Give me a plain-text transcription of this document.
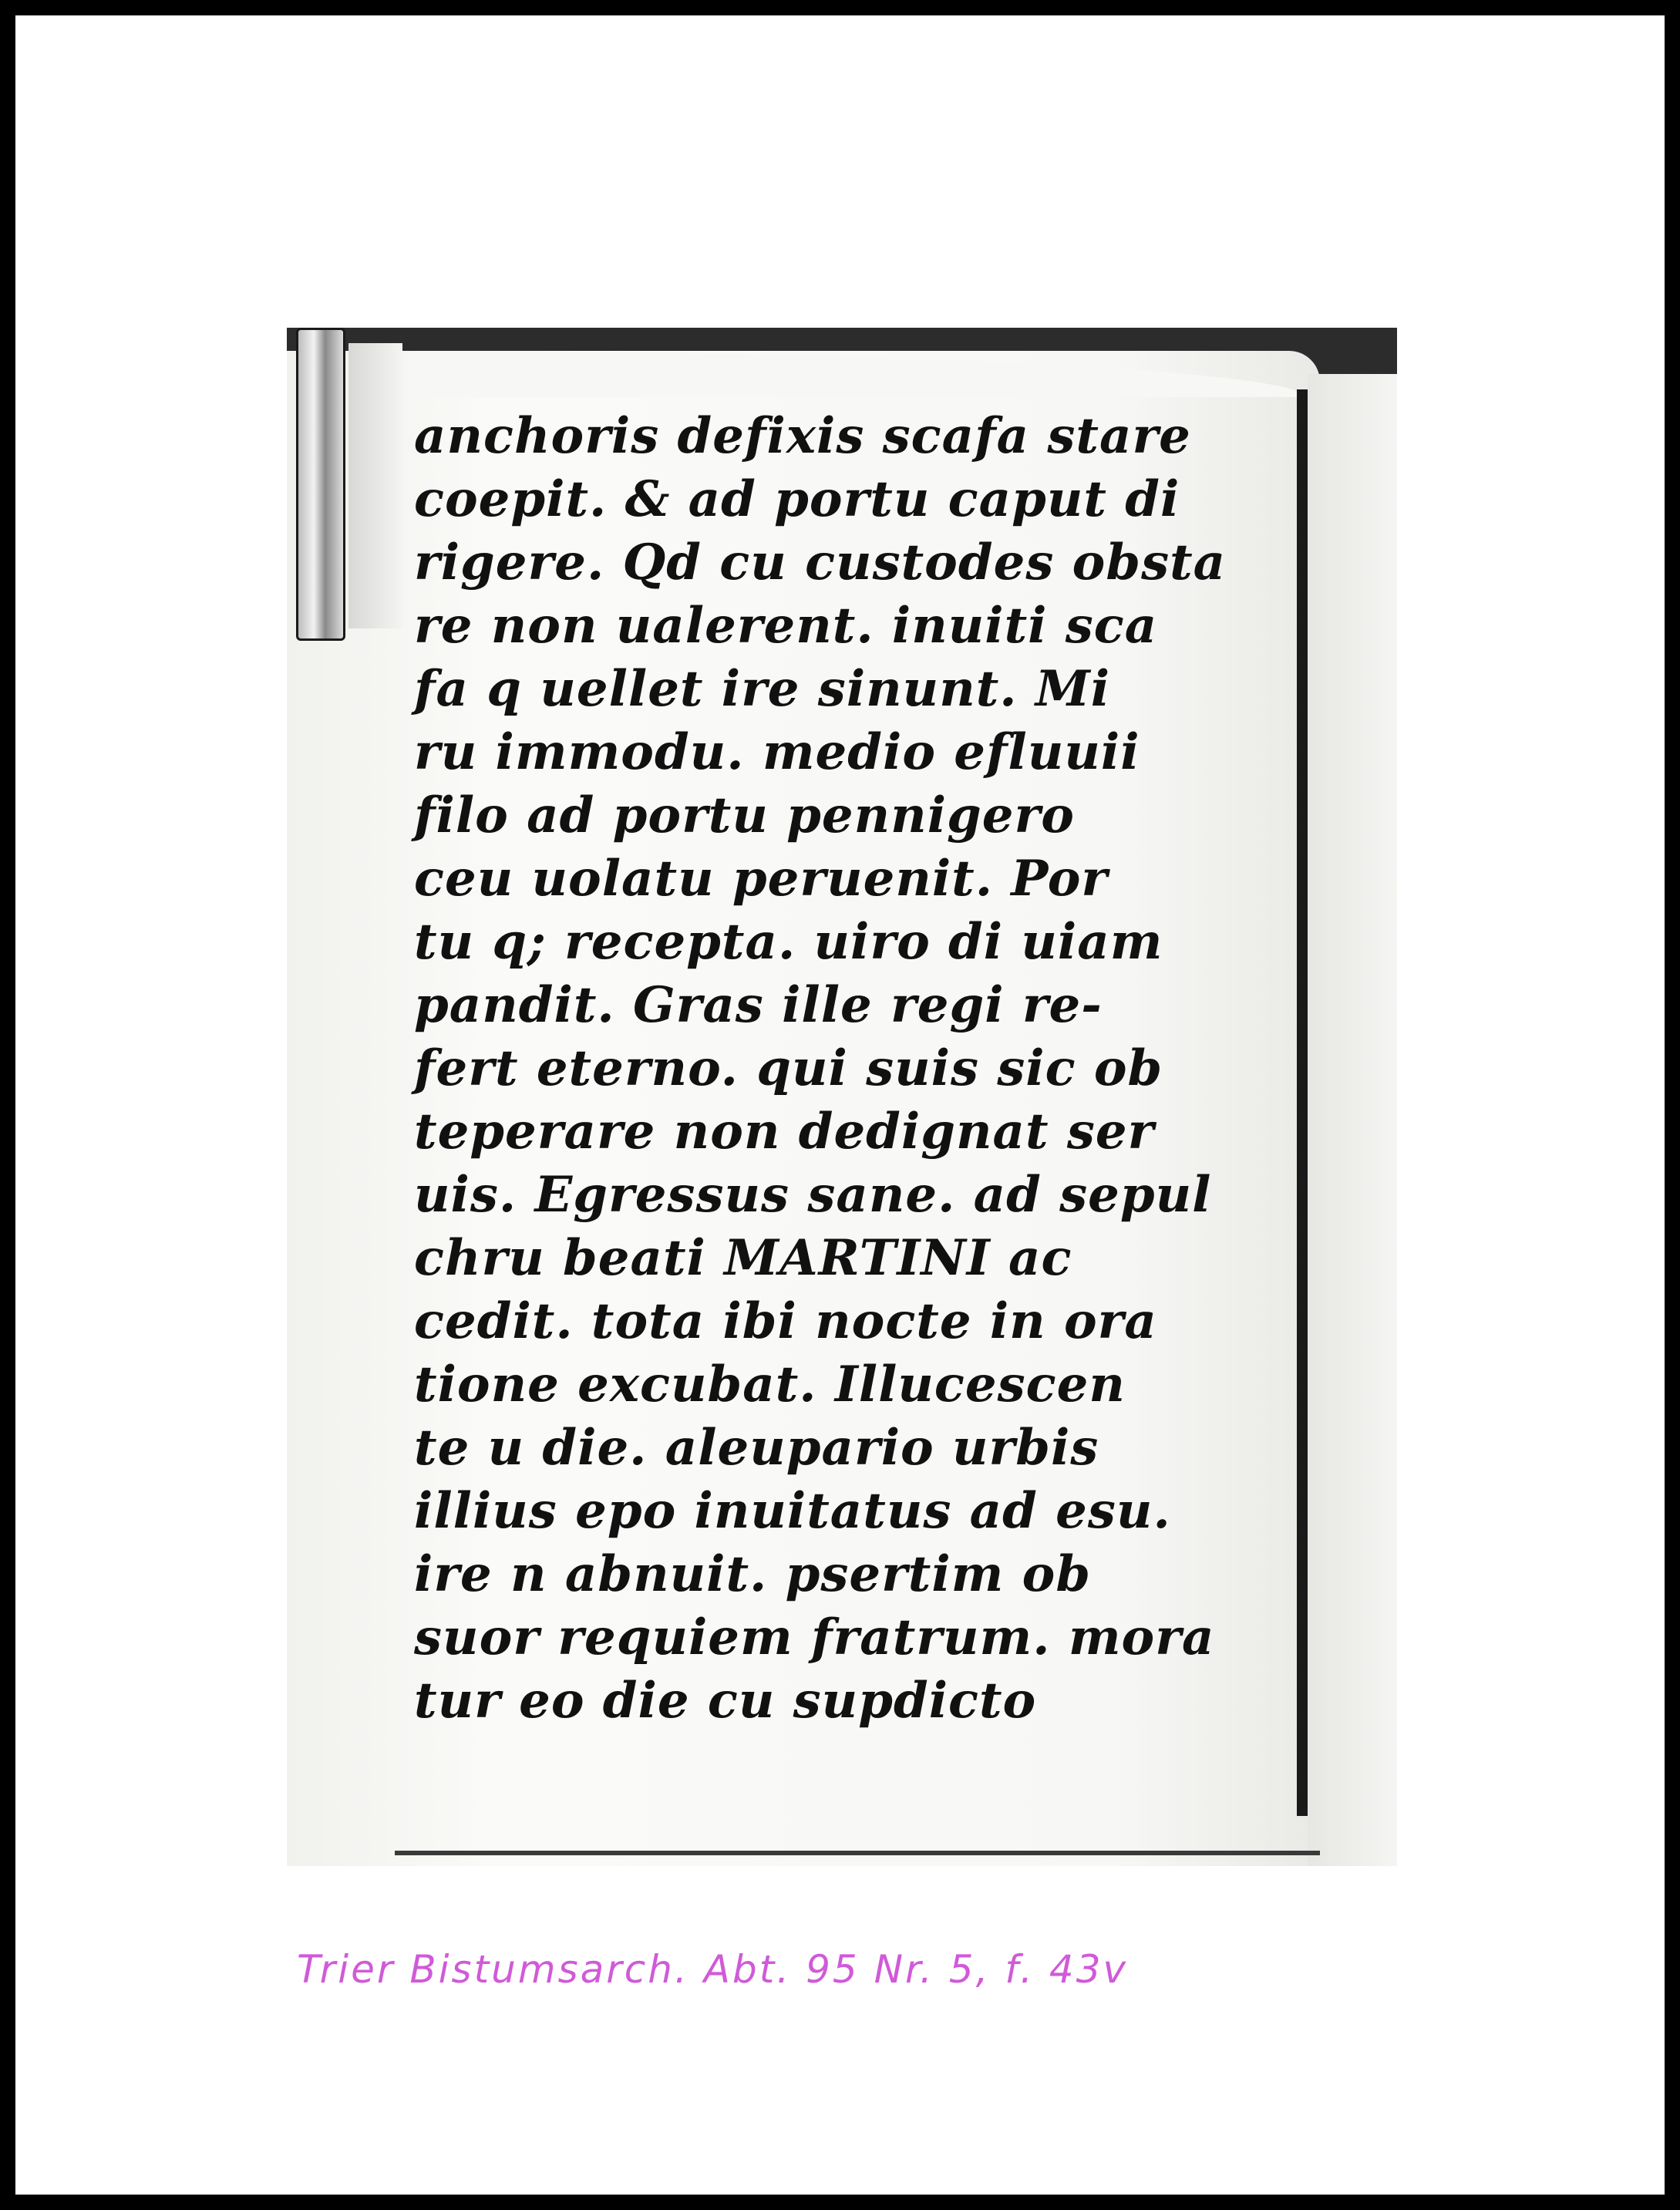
anchoris defixis scafa stare
coepit. & ad portu caput di
rigere. Qd cu custodes obsta
re non ualerent. inuiti sca
fa q uellet ire sinunt. Mi
ru immodu. medio efluuii
filo ad portu pennigero
ceu uolatu peruenit. Por
tu q; recepta. uiro di uiam
pandit. Gras ille regi re-
fert eterno. qui suis sic ob
teperare non dedignat ser
uis. Egressus sane. ad sepul
chru beati MARTINI ac
cedit. tota ibi nocte in ora
tione excubat. Illucescen
te u die. aleupario urbis
illius epo inuitatus ad esu.
ire n abnuit. psertim ob
suor requiem fratrum. mora
tur eo die cu supdicto
Trier Bistumsarch. Abt. 95 Nr. 5, f. 43v
